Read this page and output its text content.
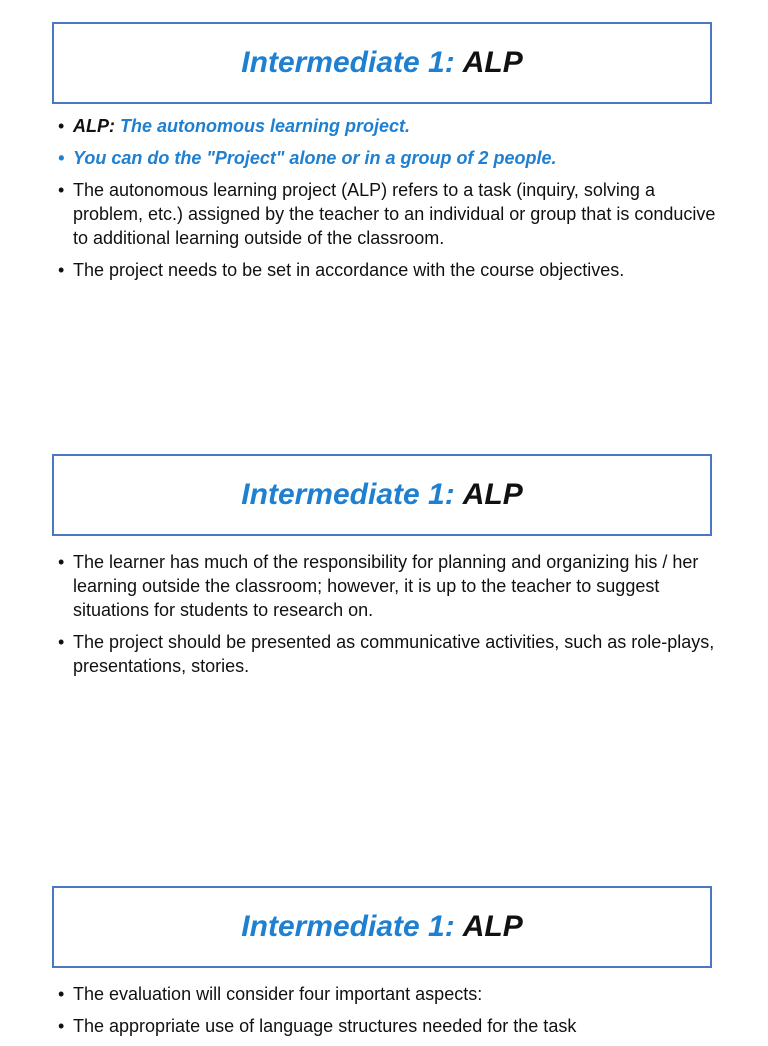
Intermediate 1: ALP
• ALP: The autonomous learning project.
• You can do the "Project" alone or in a group of 2 people.
• The autonomous learning project (ALP) refers to a task (inquiry, solving a problem, etc.) assigned by the teacher to an individual or group that is conducive to additional learning outside of the classroom.
• The project needs to be set in accordance with the course objectives.
Intermediate 1: ALP
• The learner has much of the responsibility for planning and organizing his / her learning outside the classroom; however, it is up to the teacher to suggest situations for students to research on.
• The project should be presented as communicative activities, such as role-plays, presentations, stories.
Intermediate 1: ALP
• The evaluation will consider four important aspects:
• The appropriate use of language structures needed for the task
